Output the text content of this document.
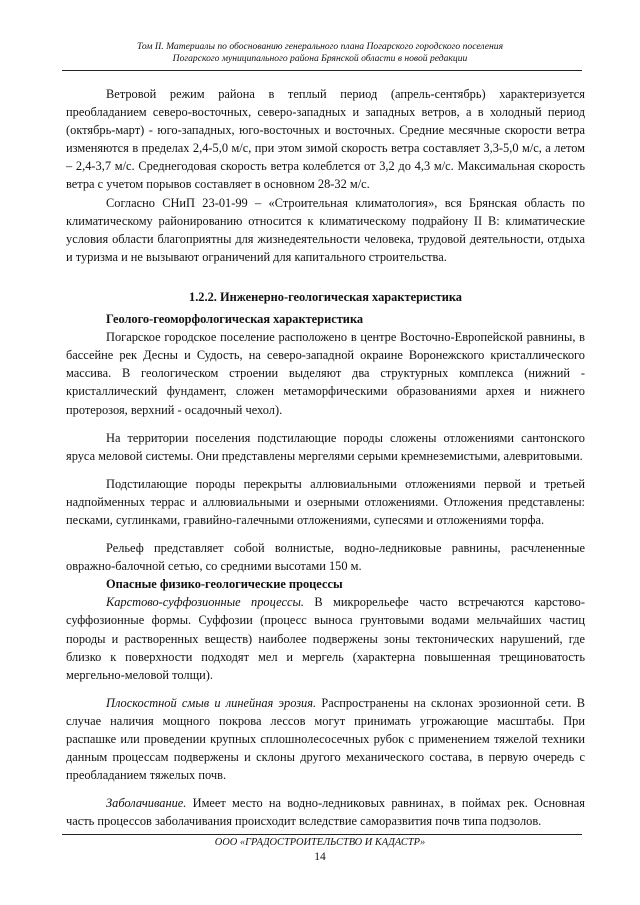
Том II. Материалы по обоснованию генерального плана Погарского городского поселения
Погарского муниципального района Брянской области в новой редакции

Ветровой режим района в теплый период (апрель-сентябрь) характеризуется преобладанием северо-восточных, северо-западных и западных ветров, а в холодный период (октябрь-март) - юго-западных, юго-восточных и восточных. Средние месячные скорости ветра изменяются в пределах 2,4-5,0 м/с, при этом зимой скорость ветра составляет 3,3-5,0 м/с, а летом – 2,4-3,7 м/с. Среднегодовая скорость ветра колеблется от 3,2 до 4,3 м/с. Максимальная скорость ветра с учетом порывов составляет в основном 28-32 м/с.

Согласно СНиП 23-01-99 – «Строительная климатология», вся Брянская область по климатическому районированию относится к климатическому подрайону II В: климатические условия области благоприятны для жизнедеятельности человека, трудовой деятельности, отдыха и туризма и не вызывают ограничений для капитального строительства.

1.2.2. Инженерно-геологическая характеристика
Геолого-геоморфологическая характеристика

Погарское городское поселение расположено в центре Восточно-Европейской равнины, в бассейне рек Десны и Судость, на северо-западной окраине Воронежского кристаллического массива. В геологическом строении выделяют два структурных комплекса (нижний - кристаллический фундамент, сложен метаморфическими образованиями архея и нижнего протерозоя, верхний - осадочный чехол).

На территории поселения подстилающие породы сложены отложениями сантонского яруса меловой системы. Они представлены мергелями серыми кремнеземистыми, алевритовыми.

Подстилающие породы перекрыты аллювиальными отложениями первой и третьей надпойменных террас и аллювиальными и озерными отложениями. Отложения представлены: песками, суглинками, гравийно-галечными отложениями, супесями и отложениями торфа.

Рельеф представляет собой волнистые, водно-ледниковые равнины, расчлененные овражно-балочной сетью, со средними высотами 150 м.

Опасные физико-геологические процессы

Карстово-суффозионные процессы. В микрорельефе часто встречаются карстово-суффозионные формы. Суффозии (процесс выноса грунтовыми водами мельчайших частиц породы и растворенных веществ) наиболее подвержены зоны тектонических нарушений, где близко к поверхности подходят мел и мергель (характерна повышенная трещиноватость мергельно-меловой толщи).

Плоскостной смыв и линейная эрозия. Распространены на склонах эрозионной сети. В случае наличия мощного покрова лессов могут принимать угрожающие масштабы. При распашке или проведении крупных сплошнолесосечных рубок с применением тяжелой техники данным процессам подвержены и склоны другого механического состава, в первую очередь с преобладанием тяжелых почв.

Заболачивание. Имеет место на водно-ледниковых равнинах, в поймах рек. Основная часть процессов заболачивания происходит вследствие саморазвития почв типа подзолов.

ООО «ГРАДОСТРОИТЕЛЬСТВО И КАДАСТР»
14
